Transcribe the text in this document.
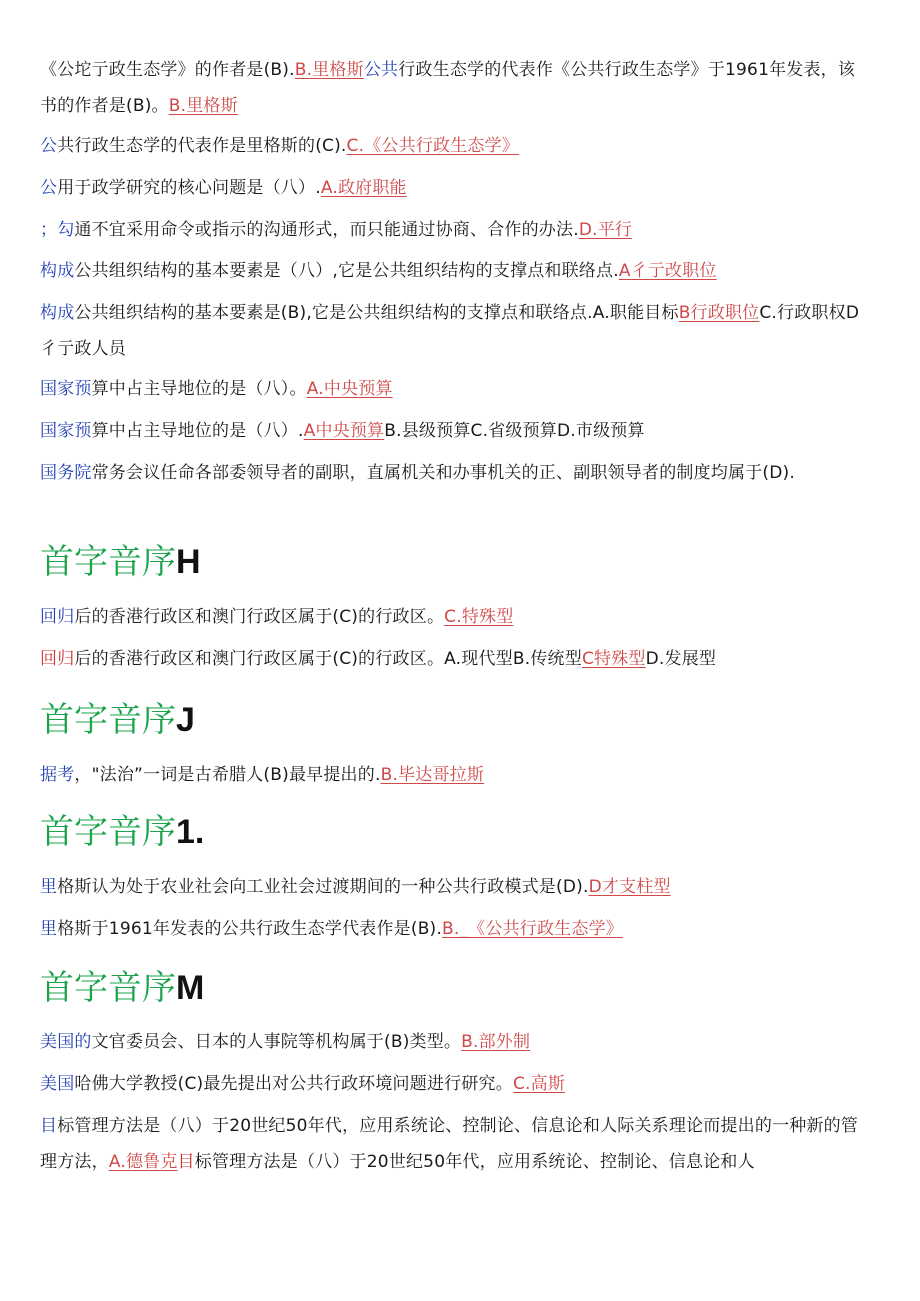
《公坨亍政生态学》的作者是(B).B.里格斯公共行政生态学的代表作《公共行政生态学》于1961年发表，该书的作者是(B)。B.里格斯
公共行政生态学的代表作是里格斯的(C).C.《公共行政生态学》
公用于政学研究的核心问题是（八）.A.政府职能
；勾通不宜采用命令或指示的沟通形式，而只能通过协商、合作的办法.D.平行
构成公共组织结构的基本要素是（八）,它是公共组织结构的支撑点和联络点.A彳亍改职位
构成公共组织结构的基本要素是(B),它是公共组织结构的支撑点和联络点.A.职能目标B行政职位C.行政职权D彳亍政人员
国家预算中占主导地位的是（八）。A.中央预算
国家预算中占主导地位的是（八）.A中央预算B.县级预算C.省级预算D.市级预算
国务院常务会议任命各部委领导者的副职，直属机关和办事机关的正、副职领导者的制度均属于(D).
首字音序H
回归后的香港行政区和澳门行政区属于(C)的行政区。C.特殊型
回归后的香港行政区和澳门行政区属于(C)的行政区。A.现代型B.传统型C特殊型D.发展型
首字音序J
据考，"法治”一词是古希腊人(B)最早提出的.B.毕达哥拉斯
首字音序1.
里格斯认为处于农业社会向工业社会过渡期间的一种公共行政模式是(D).D才支柱型
里格斯于1961年发表的公共行政生态学代表作是(B).B._《公共行政生态学》
首字音序M
美国的文官委员会、日本的人事院等机构属于(B)类型。B.部外制
美国哈佛大学教授(C)最先提出对公共行政环境问题进行研究。C.高斯
目标管理方法是（八）于20世纪50年代，应用系统论、控制论、信息论和人际关系理论而提出的一种新的管理方法，A.德鲁克目标管理方法是（八）于20世纪50年代，应用系统论、控制论、信息论和人
